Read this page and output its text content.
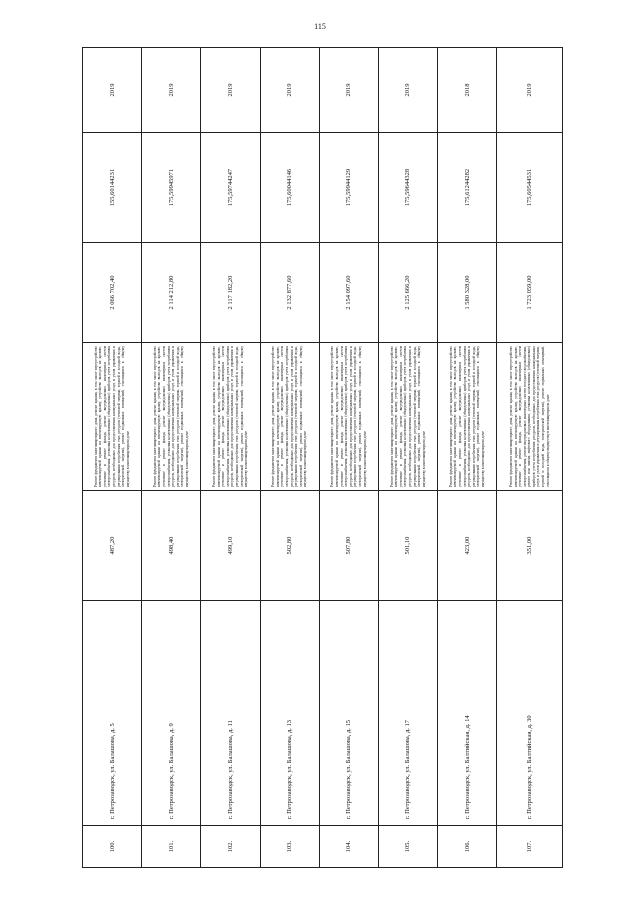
115
100.	г. Петрозаводск, ул. Балашова, д. 5	487,20	Ремонт фундамента многоквартирного дома, ремонт крыши, в том числе переустройство невентилируемой крыши на вентилируемую крышу, устройство выходов на кровлю, утепление и ремонт фасада, ремонт внутридомовых инженерных систем электроснабжения, установка коллективных (общедомовых) приборов учета потребления ресурсов, необходимых для предоставления коммунальных услуг, и узлов управления и регулирования потребления этих ресурсов (тепловой энергии, горячей и холодной воды, электрической энергии), ремонт подвальных помещений, относящихся к общему имуществу в многоквартирном доме	2 066 702,40	155,60144231	2019
101.	г. Петрозаводск, ул. Балашова, д. 9	498,40	Ремонт фундамента многоквартирного дома, ремонт крыши, в том числе переустройство невентилируемой крыши на вентилируемую крышу, устройство выходов на кровлю, утепление и ремонт фасада, ремонт внутридомовых инженерных систем электроснабжения, установка коллективных (общедомовых) приборов учета потребления ресурсов, необходимых для предоставления коммунальных услуг, и узлов управления и регулирования потребления этих ресурсов (тепловой энергии, горячей и холодной воды, электрической энергии), ремонт подвальных помещений, относящихся к общему имуществу в многоквартирном доме	2 114 212,80	175,59945971	2019
102.	г. Петрозаводск, ул. Балашова, д. 11	499,10	Ремонт фундамента многоквартирного дома, ремонт крыши, в том числе переустройство невентилируемой крыши на вентилируемую крышу, устройство выходов на кровлю, утепление и ремонт фасада, ремонт внутридомовых инженерных систем электроснабжения, установка коллективных (общедомовых) приборов учета потребления ресурсов, необходимых для предоставления коммунальных услуг, и узлов управления и регулирования потребления этих ресурсов (тепловой энергии, горячей и холодной воды, электрической энергии), ремонт подвальных помещений, относящихся к общему имуществу в многоквартирном доме	2 117 182,20	175,59744247	2019
103.	г. Петрозаводск, ул. Балашова, д. 13	502,80	Ремонт фундамента многоквартирного дома, ремонт крыши, в том числе переустройство невентилируемой крыши на вентилируемую крышу, устройство выходов на кровлю, утепление и ремонт фасада, ремонт внутридомовых инженерных систем электроснабжения, установка коллективных (общедомовых) приборов учета потребления ресурсов, необходимых для предоставления коммунальных услуг, и узлов управления и регулирования потребления этих ресурсов (тепловой энергии, горячей и холодной воды, электрической энергии), ремонт подвальных помещений, относящихся к общему имуществу в многоквартирном доме	2 132 877,60	175,60044146	2019
104.	г. Петрозаводск, ул. Балашова, д. 15	507,80	Ремонт фундамента многоквартирного дома, ремонт крыши, в том числе переустройство невентилируемой крыши на вентилируемую крышу, устройство выходов на кровлю, утепление и ремонт фасада, ремонт внутридомовых инженерных систем электроснабжения, установка коллективных (общедомовых) приборов учета потребления ресурсов, необходимых для предоставления коммунальных услуг, и узлов управления и регулирования потребления этих ресурсов (тепловой энергии, горячей и холодной воды, электрической энергии), ремонт подвальных помещений, относящихся к общему имуществу в многоквартирном доме	2 154 097,60	175,59944129	2019
105.	г. Петрозаводск, ул. Балашова, д. 17	501,10	Ремонт фундамента многоквартирного дома, ремонт крыши, в том числе переустройство невентилируемой крыши на вентилируемую крышу, устройство выходов на кровлю, утепление и ремонт фасада, ремонт внутридомовых инженерных систем электроснабжения, установка коллективных (общедомовых) приборов учета потребления ресурсов, необходимых для предоставления коммунальных услуг, и узлов управления и регулирования потребления этих ресурсов (тепловой энергии, горячей и холодной воды, электрической энергии), ремонт подвальных помещений, относящихся к общему имуществу в многоквартирном доме	2 125 666,20	175,59644328	2019
106.	г. Петрозаводск, ул. Балтийская, д. 14	423,00	Ремонт фундамента многоквартирного дома, ремонт крыши, в том числе переустройство невентилируемой крыши на вентилируемую крышу, устройство выходов на кровлю, утепление и ремонт фасада, ремонт внутридомовых инженерных систем электроснабжения, установка коллективных (общедомовых) приборов учета потребления ресурсов, необходимых для предоставления коммунальных услуг, и узлов управления и регулирования потребления этих ресурсов (тепловой энергии, горячей и холодной воды, электрической энергии), ремонт подвальных помещений, относящихся к общему имуществу в многоквартирном доме	1 580 328,00	175,61244282	2018
107.	г. Петрозаводск, ул. Балтийская, д. 30	351,00	Ремонт фундамента многоквартирного дома, ремонт крыши, в том числе переустройство невентилируемой крыши на вентилируемую крышу, устройство выходов на кровлю, утепление и ремонт фасада, ремонт внутридомовых инженерных систем электроснабжения, ремонт внутридомовых инженерных систем холодного водоснабжения, ремонт или замена лифтового оборудования, установка коллективных (общедомовых) приборов учета потребления ресурсов, необходимых для предоставления коммунальных услуг, и узлов управления и регулирования потребления этих ресурсов (тепловой энергии, горячей и холодной воды, электрической энергии), ремонт подвальных помещений, относящихся к общему имуществу в многоквартирном доме	1 723 059,00	175,60544531	2019
